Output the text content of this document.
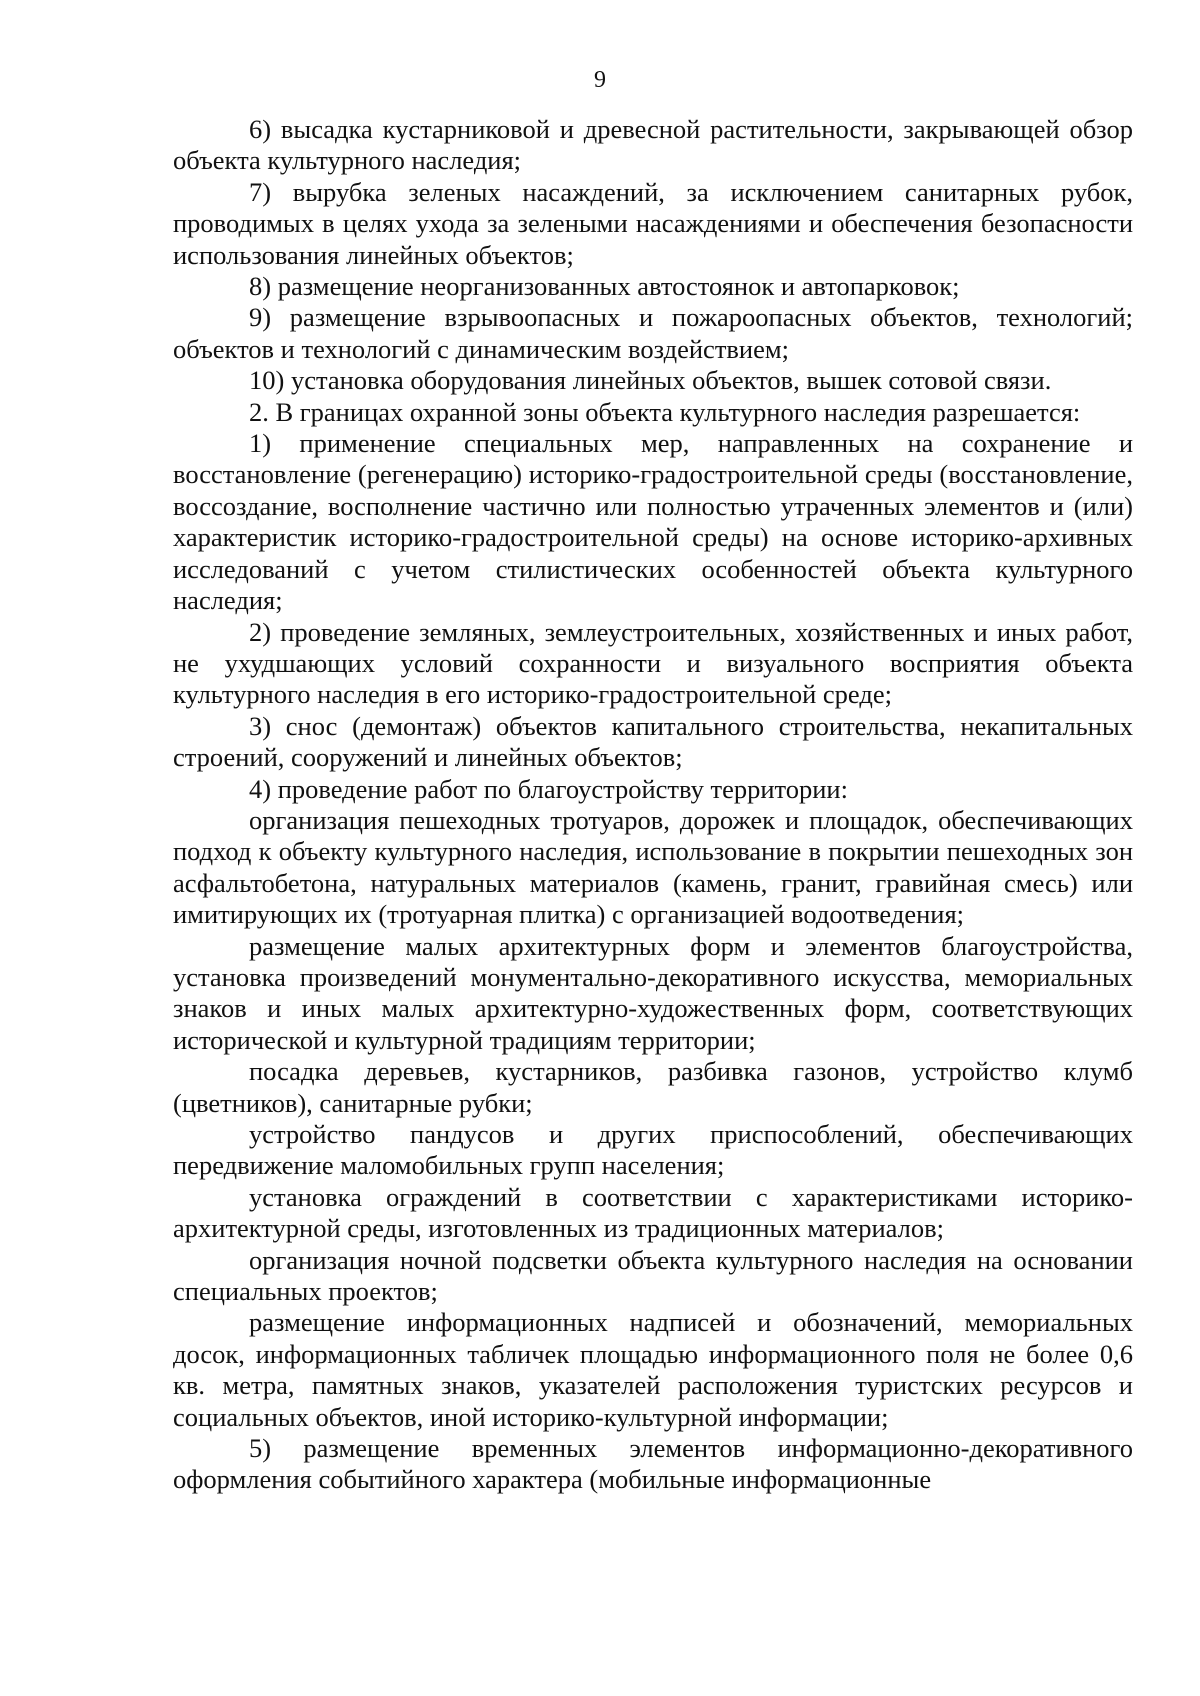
9

6) высадка кустарниковой и древесной растительности, закрывающей обзор объекта культурного наследия;

7) вырубка зеленых насаждений, за исключением санитарных рубок, проводимых в целях ухода за зелеными насаждениями и обеспечения безопасности использования линейных объектов;

8) размещение неорганизованных автостоянок и автопарковок;

9) размещение взрывоопасных и пожароопасных объектов, технологий; объектов и технологий с динамическим воздействием;

10) установка оборудования линейных объектов, вышек сотовой связи.

2. В границах охранной зоны объекта культурного наследия разрешается:

1) применение специальных мер, направленных на сохранение и восстановление (регенерацию) историко-градостроительной среды (восстановление, воссоздание, восполнение частично или полностью утраченных элементов и (или) характеристик историко-градостроительной среды) на основе историко-архивных исследований с учетом стилистических особенностей объекта культурного наследия;

2) проведение земляных, землеустроительных, хозяйственных и иных работ, не ухудшающих условий сохранности и визуального восприятия объекта культурного наследия в его историко-градостроительной среде;

3) снос (демонтаж) объектов капитального строительства, некапитальных строений, сооружений и линейных объектов;

4) проведение работ по благоустройству территории:

организация пешеходных тротуаров, дорожек и площадок, обеспечивающих подход к объекту культурного наследия, использование в покрытии пешеходных зон асфальтобетона, натуральных материалов (камень, гранит, гравийная смесь) или имитирующих их (тротуарная плитка) с организацией водоотведения;

размещение малых архитектурных форм и элементов благоустройства, установка произведений монументально-декоративного искусства, мемориальных знаков и иных малых архитектурно-художественных форм, соответствующих исторической и культурной традициям территории;

посадка деревьев, кустарников, разбивка газонов, устройство клумб (цветников), санитарные рубки;

устройство пандусов и других приспособлений, обеспечивающих передвижение маломобильных групп населения;

установка ограждений в соответствии с характеристиками историко-архитектурной среды, изготовленных из традиционных материалов;

организация ночной подсветки объекта культурного наследия на основании специальных проектов;

размещение информационных надписей и обозначений, мемориальных досок, информационных табличек площадью информационного поля не более 0,6 кв. метра, памятных знаков, указателей расположения туристских ресурсов и социальных объектов, иной историко-культурной информации;

5) размещение временных элементов информационно-декоративного оформления событийного характера (мобильные информационные
